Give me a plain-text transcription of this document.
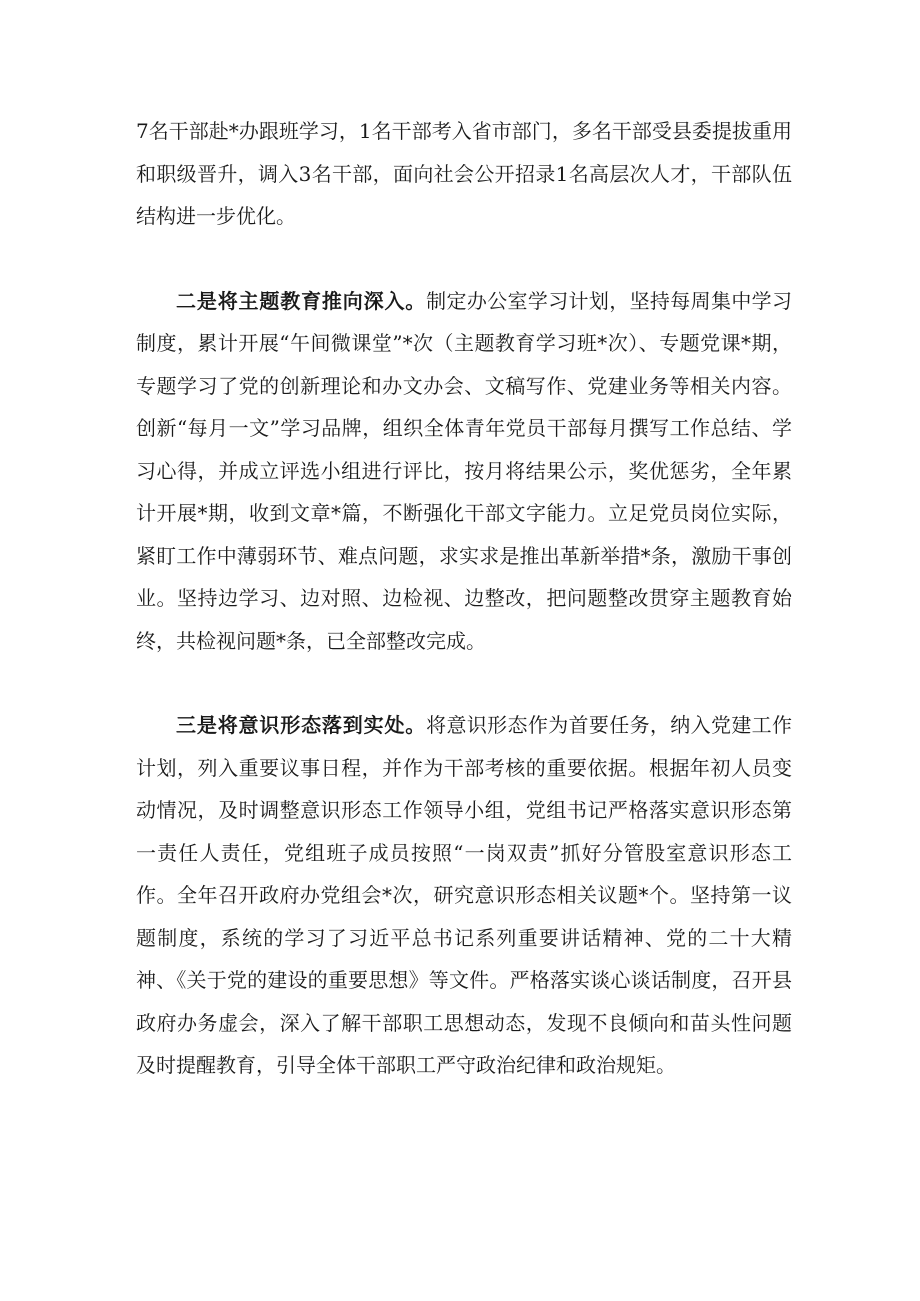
7名干部赴*办跟班学习，1名干部考入省市部门，多名干部受县委提拔重用和职级晋升，调入3名干部，面向社会公开招录1名高层次人才，干部队伍结构进一步优化。

二是将主题教育推向深入。制定办公室学习计划，坚持每周集中学习制度，累计开展“午间微课堂”*次（主题教育学习班*次）、专题党课*期，专题学习了党的创新理论和办文办会、文稿写作、党建业务等相关内容。创新“每月一文”学习品牌，组织全体青年党员干部每月撰写工作总结、学习心得，并成立评选小组进行评比，按月将结果公示，奖优惩劣，全年累计开展*期，收到文章*篇，不断强化干部文字能力。立足党员岗位实际，紧盯工作中薄弱环节、难点问题，求实求是推出革新举措*条，激励干事创业。坚持边学习、边对照、边检视、边整改，把问题整改贯穿主题教育始终，共检视问题*条，已全部整改完成。

三是将意识形态落到实处。将意识形态作为首要任务，纳入党建工作计划，列入重要议事日程，并作为干部考核的重要依据。根据年初人员变动情况，及时调整意识形态工作领导小组，党组书记严格落实意识形态第一责任人责任，党组班子成员按照“一岗双责”抓好分管股室意识形态工作。全年召开政府办党组会*次，研究意识形态相关议题*个。坚持第一议题制度，系统的学习了习近平总书记系列重要讲话精神、党的二十大精神、《关于党的建设的重要思想》等文件。严格落实谈心谈话制度，召开县政府办务虚会，深入了解干部职工思想动态，发现不良倾向和苗头性问题及时提醒教育，引导全体干部职工严守政治纪律和政治规矩。
